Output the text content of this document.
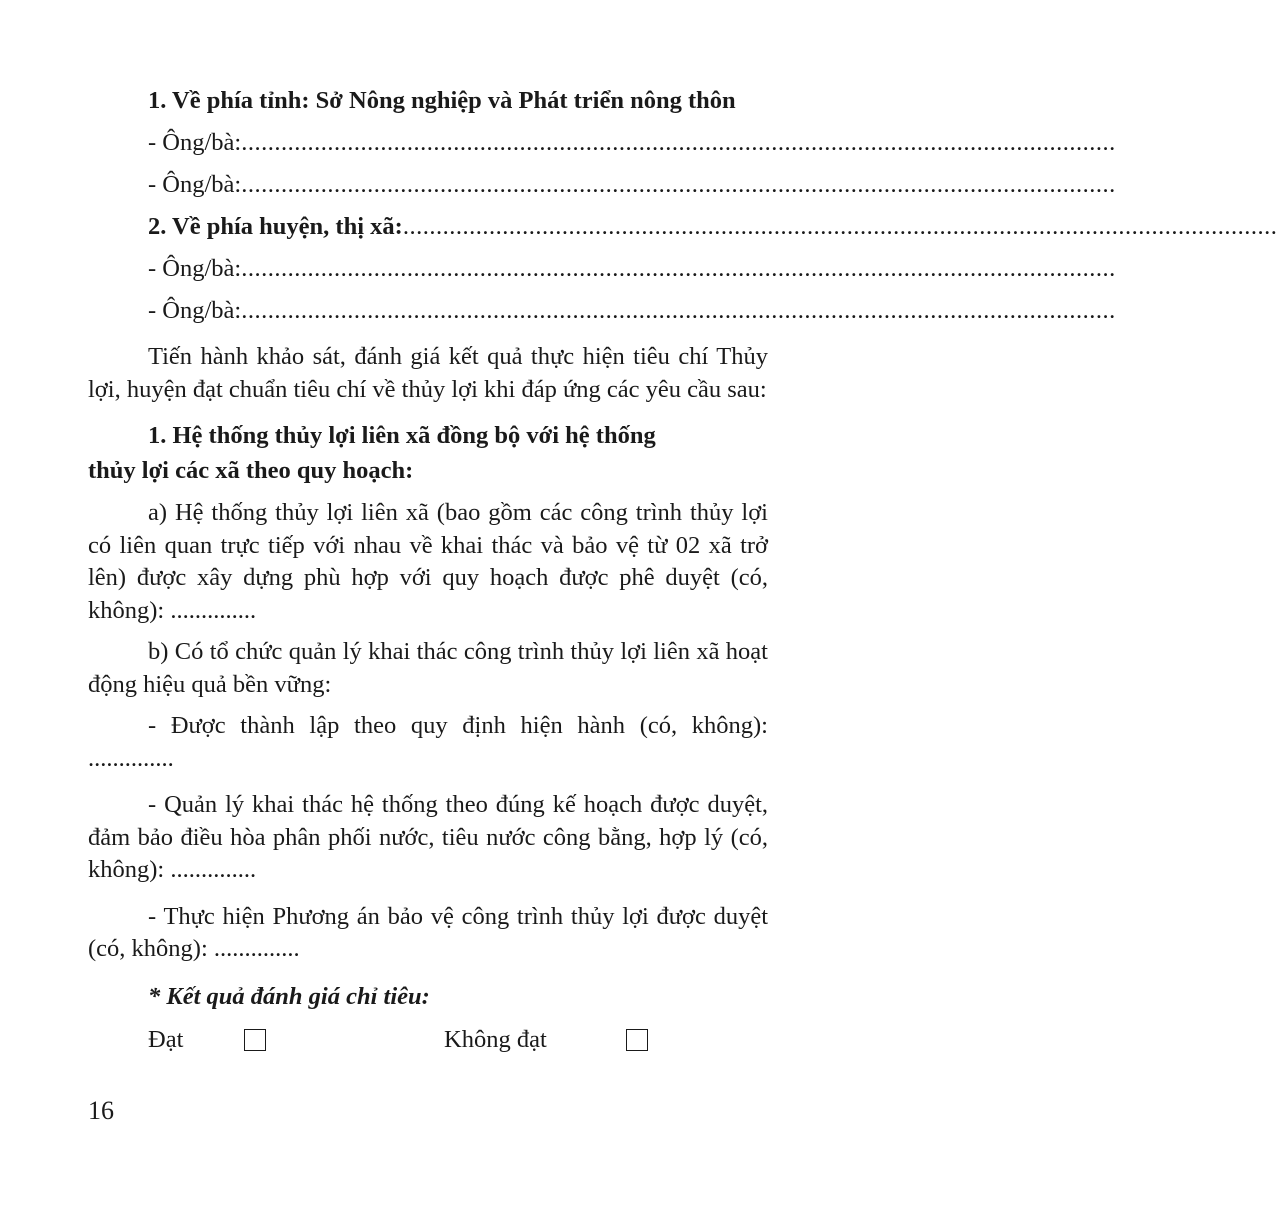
1. Về phía tỉnh: Sở Nông nghiệp và Phát triển nông thôn

- Ông/bà: ....................................................................................................................................

- Ông/bà: ....................................................................................................................................

2. Về phía huyện, thị xã: ....................................................................................................................................

- Ông/bà: ....................................................................................................................................

- Ông/bà: ....................................................................................................................................

Tiến hành khảo sát, đánh giá kết quả thực hiện tiêu chí Thủy lợi, huyện đạt chuẩn tiêu chí về thủy lợi khi đáp ứng các yêu cầu sau:

1. Hệ thống thủy lợi liên xã đồng bộ với hệ thống

thủy lợi các xã theo quy hoạch:

a) Hệ thống thủy lợi liên xã (bao gồm các công trình thủy lợi có liên quan trực tiếp với nhau về khai thác và bảo vệ từ 02 xã trở lên) được xây dựng phù hợp với quy hoạch được phê duyệt (có, không): ..............

b) Có tổ chức quản lý khai thác công trình thủy lợi liên xã hoạt động hiệu quả bền vững:

- Được thành lập theo quy định hiện hành (có, không): ..............

- Quản lý khai thác hệ thống theo đúng kế hoạch được duyệt, đảm bảo điều hòa phân phối nước, tiêu nước công bằng, hợp lý (có, không): ..............

- Thực hiện Phương án bảo vệ công trình thủy lợi được duyệt (có, không): ..............

* Kết quả đánh giá chỉ tiêu:

Đạt	Không đạt
16
